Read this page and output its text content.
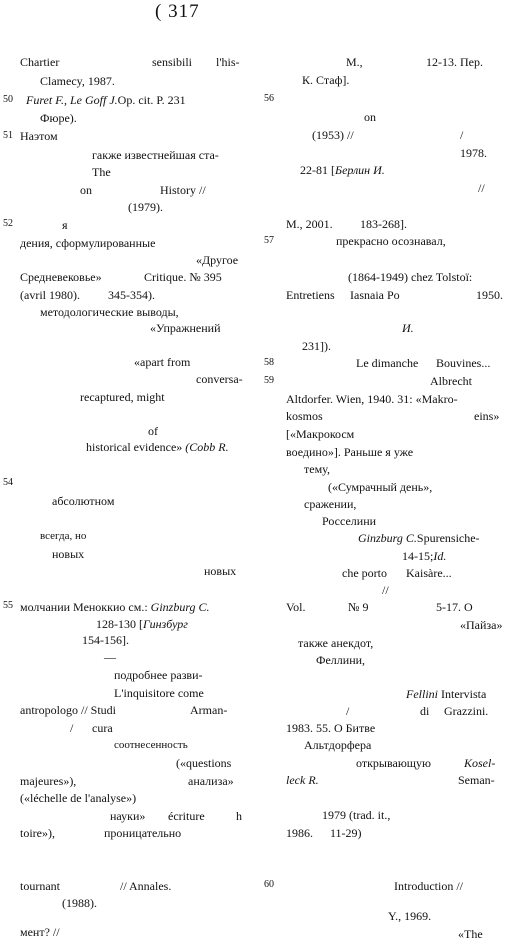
( 317
Chartier	sensibili l'his-
Clamecy, 1987.
50 Furet F., Le Goff J.Op. cit. P. 231
Фюре).
51 Наэтом
гакже известнейшая ста-
The
on	History //
(1979).
52	я
дения, сформулированные
«Другое
Средневековье»	Critique. № 395
(avril 1980). 345-354).
методологические выводы,
«Упражнений
«apart from
conversa-
recaptured, might
of
historical evidence» (Cobb R.
54
абсолютном
всегда, но
новых
новых
55 молчании Меноккио см.: Ginzburg C.
128-130 [Гинзбург
154-156].
—
подробнее разви-
L'inquisitore come
antropologo // Studi	Arman-
/ cura
соотнесенность
(«questions
majeures»),	анализа»
(«léchelle de l'analyse»)
науки» écriture	h
toire»),	проницательно
tournant	// Annales.
(1988).
мент? //
M.,	12-13. Пер.
К. Стаф].
56
on
(1953) //	/
1978.
22-81 [Берлин И.
//
M., 2001. 183-268].
57	прекрасно осознавал,
(1864-1949) chez Tolstoï:
Entretiens Iasnaia Po	1950.
И.
231]).
58	Le dimanche Bouvines...
59	Albrecht
Altdorfer. Wien, 1940. 31: «Makro-
kosmos	eins»
[«Макрокосм
воедино»]. Раньше я уже
тему,
(«Сумрачный день»,
сражении,
Росселини
Ginzburg C.Spurensiche-
14-15;Id.
che porto Kaisàre...
//
Vol.	№ 9	5-17. О
«Пайза»
также анекдот,
Феллини,
Fellini Intervista
/	di Grazzini.
1983. 55. О Битве
Альтдорфера
открывающую	Kosel-
leck R.	Seman-
1979 (trad. it.,
1986. 11-29)
60	Introduction //
Y., 1969.
«The
